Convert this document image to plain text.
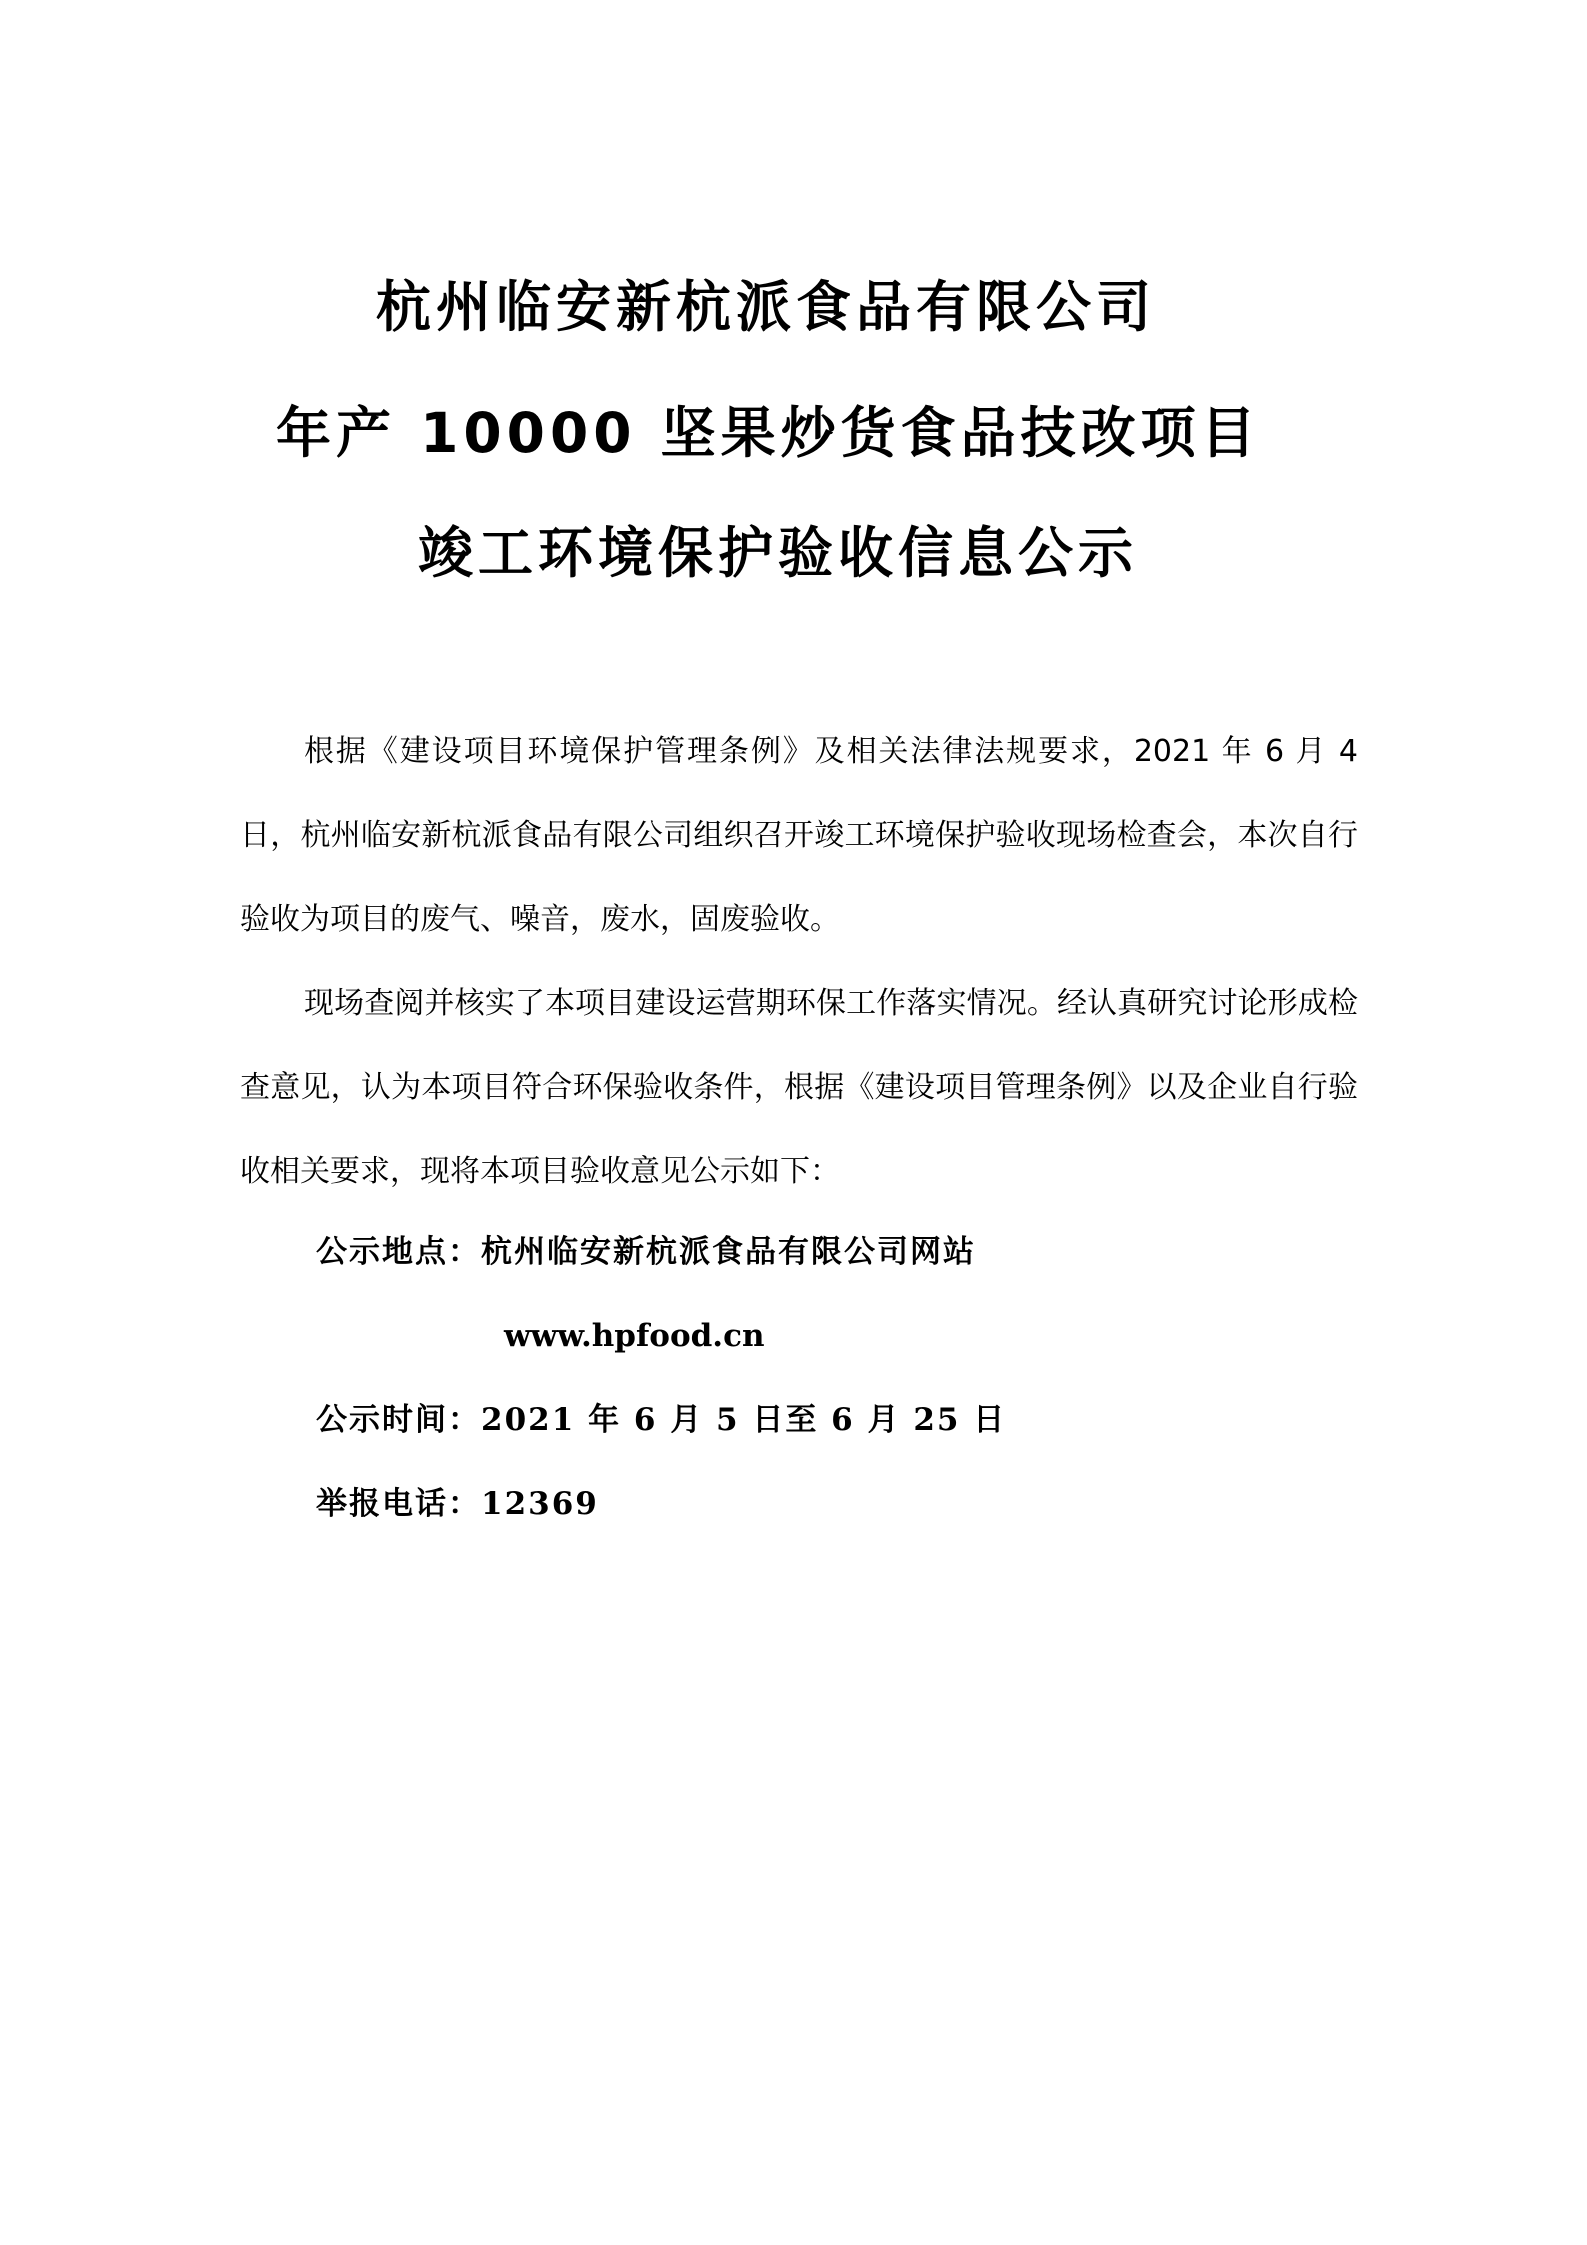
杭州临安新杭派食品有限公司
年产 10000 坚果炒货食品技改项目
竣工环境保护验收信息公示
根据《建设项目环境保护管理条例》及相关法律法规要求，2021 年 6 月 4 日，杭州临安新杭派食品有限公司组织召开竣工环境保护验收现场检查会，本次自行验收为项目的废气、噪音，废水，固废验收。
现场查阅并核实了本项目建设运营期环保工作落实情况。经认真研究讨论形成检查意见，认为本项目符合环保验收条件，根据《建设项目管理条例》以及企业自行验收相关要求，现将本项目验收意见公示如下：
公示地点：杭州临安新杭派食品有限公司网站
www.hpfood.cn
公示时间：2021 年 6 月 5 日至 6 月 25 日
举报电话：12369
